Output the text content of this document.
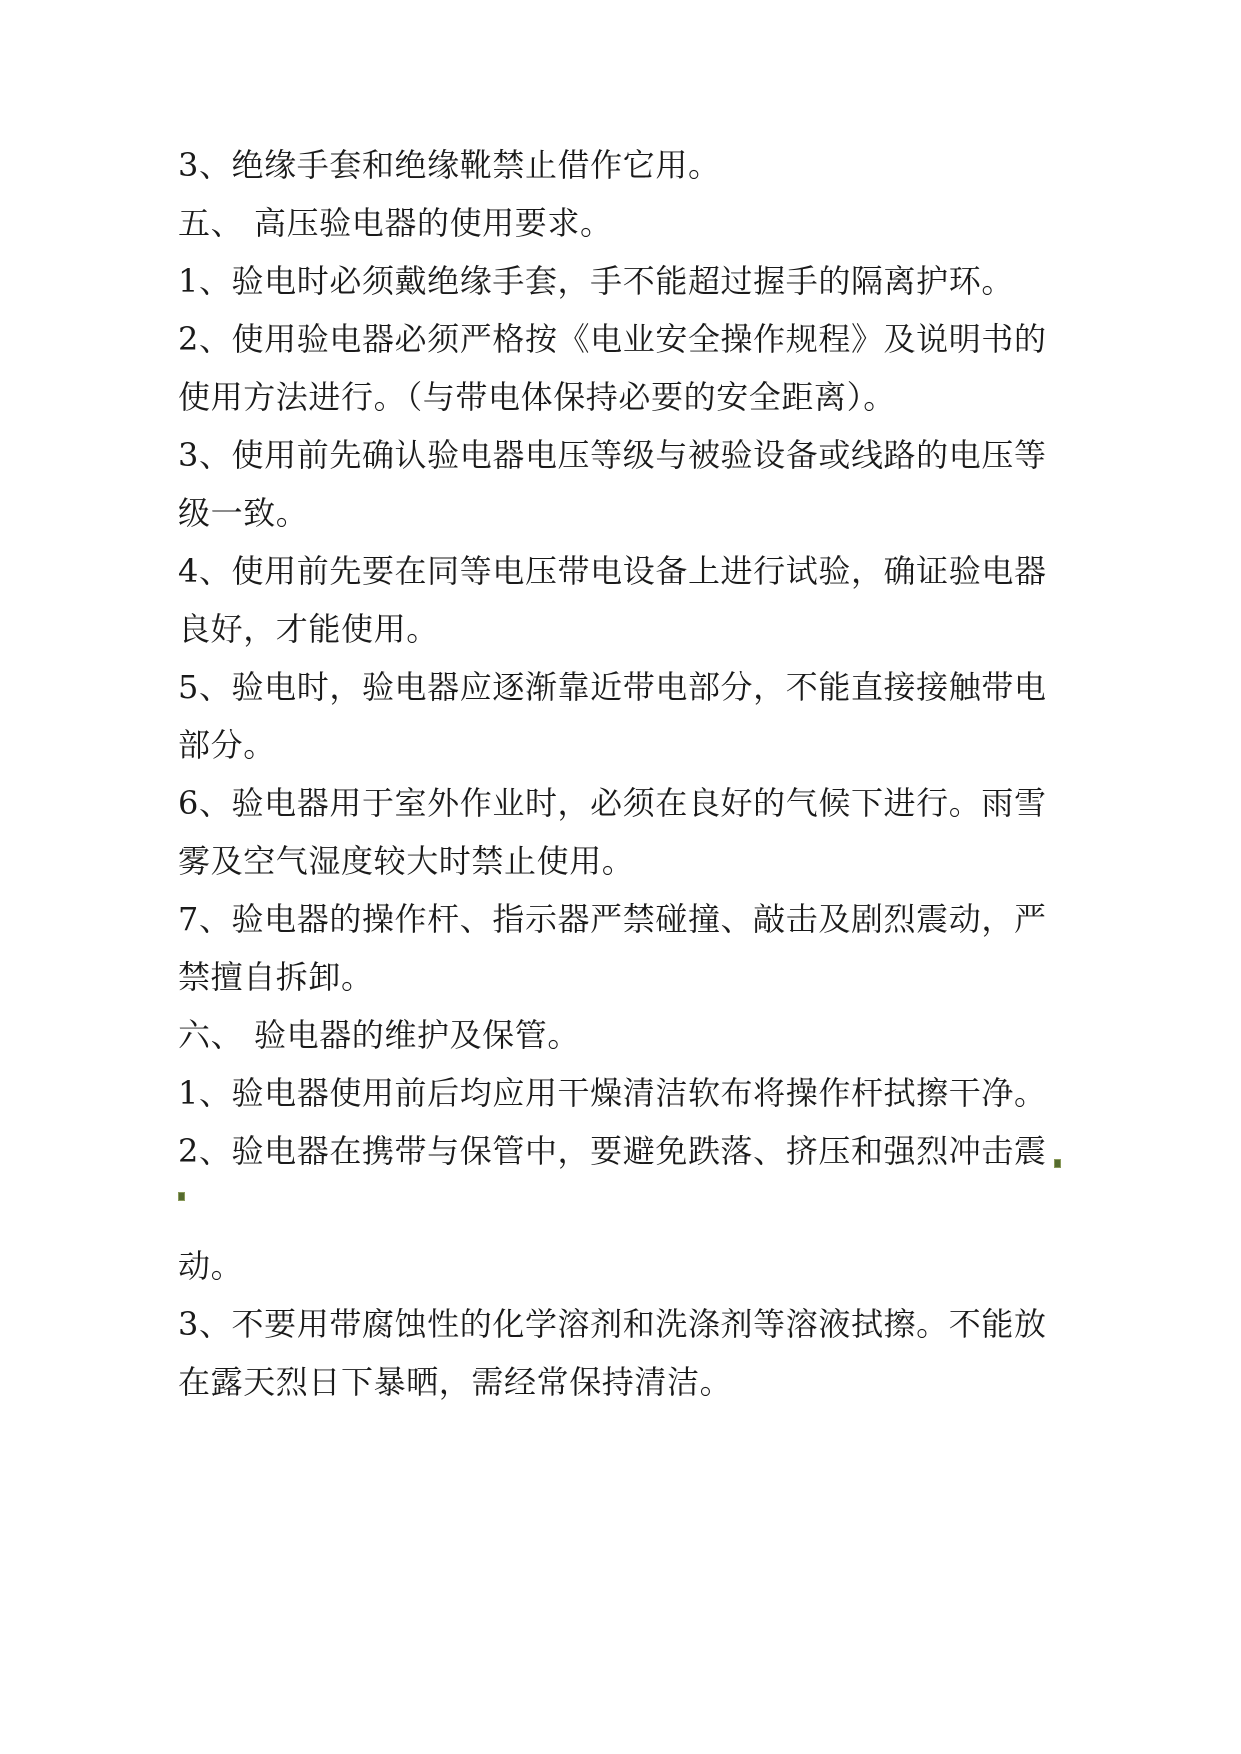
3、绝缘手套和绝缘靴禁止借作它用。

五、 高压验电器的使用要求。

1、验电时必须戴绝缘手套，手不能超过握手的隔离护环。

2、使用验电器必须严格按《电业安全操作规程》及说明书的

使用方法进行。（与带电体保持必要的安全距离）。

3、使用前先确认验电器电压等级与被验设备或线路的电压等

级一致。

4、使用前先要在同等电压带电设备上进行试验，确证验电器

良好，才能使用。

5、验电时，验电器应逐渐靠近带电部分，不能直接接触带电

部分。

6、验电器用于室外作业时，必须在良好的气候下进行。雨雪

雾及空气湿度较大时禁止使用。

7、验电器的操作杆、指示器严禁碰撞、敲击及剧烈震动，严

禁擅自拆卸。

六、 验电器的维护及保管。

1、验电器使用前后均应用干燥清洁软布将操作杆拭擦干净。

2、验电器在携带与保管中，要避免跌落、挤压和强烈冲击震

动。

3、不要用带腐蚀性的化学溶剂和洗涤剂等溶液拭擦。不能放

在露天烈日下暴晒，需经常保持清洁。
